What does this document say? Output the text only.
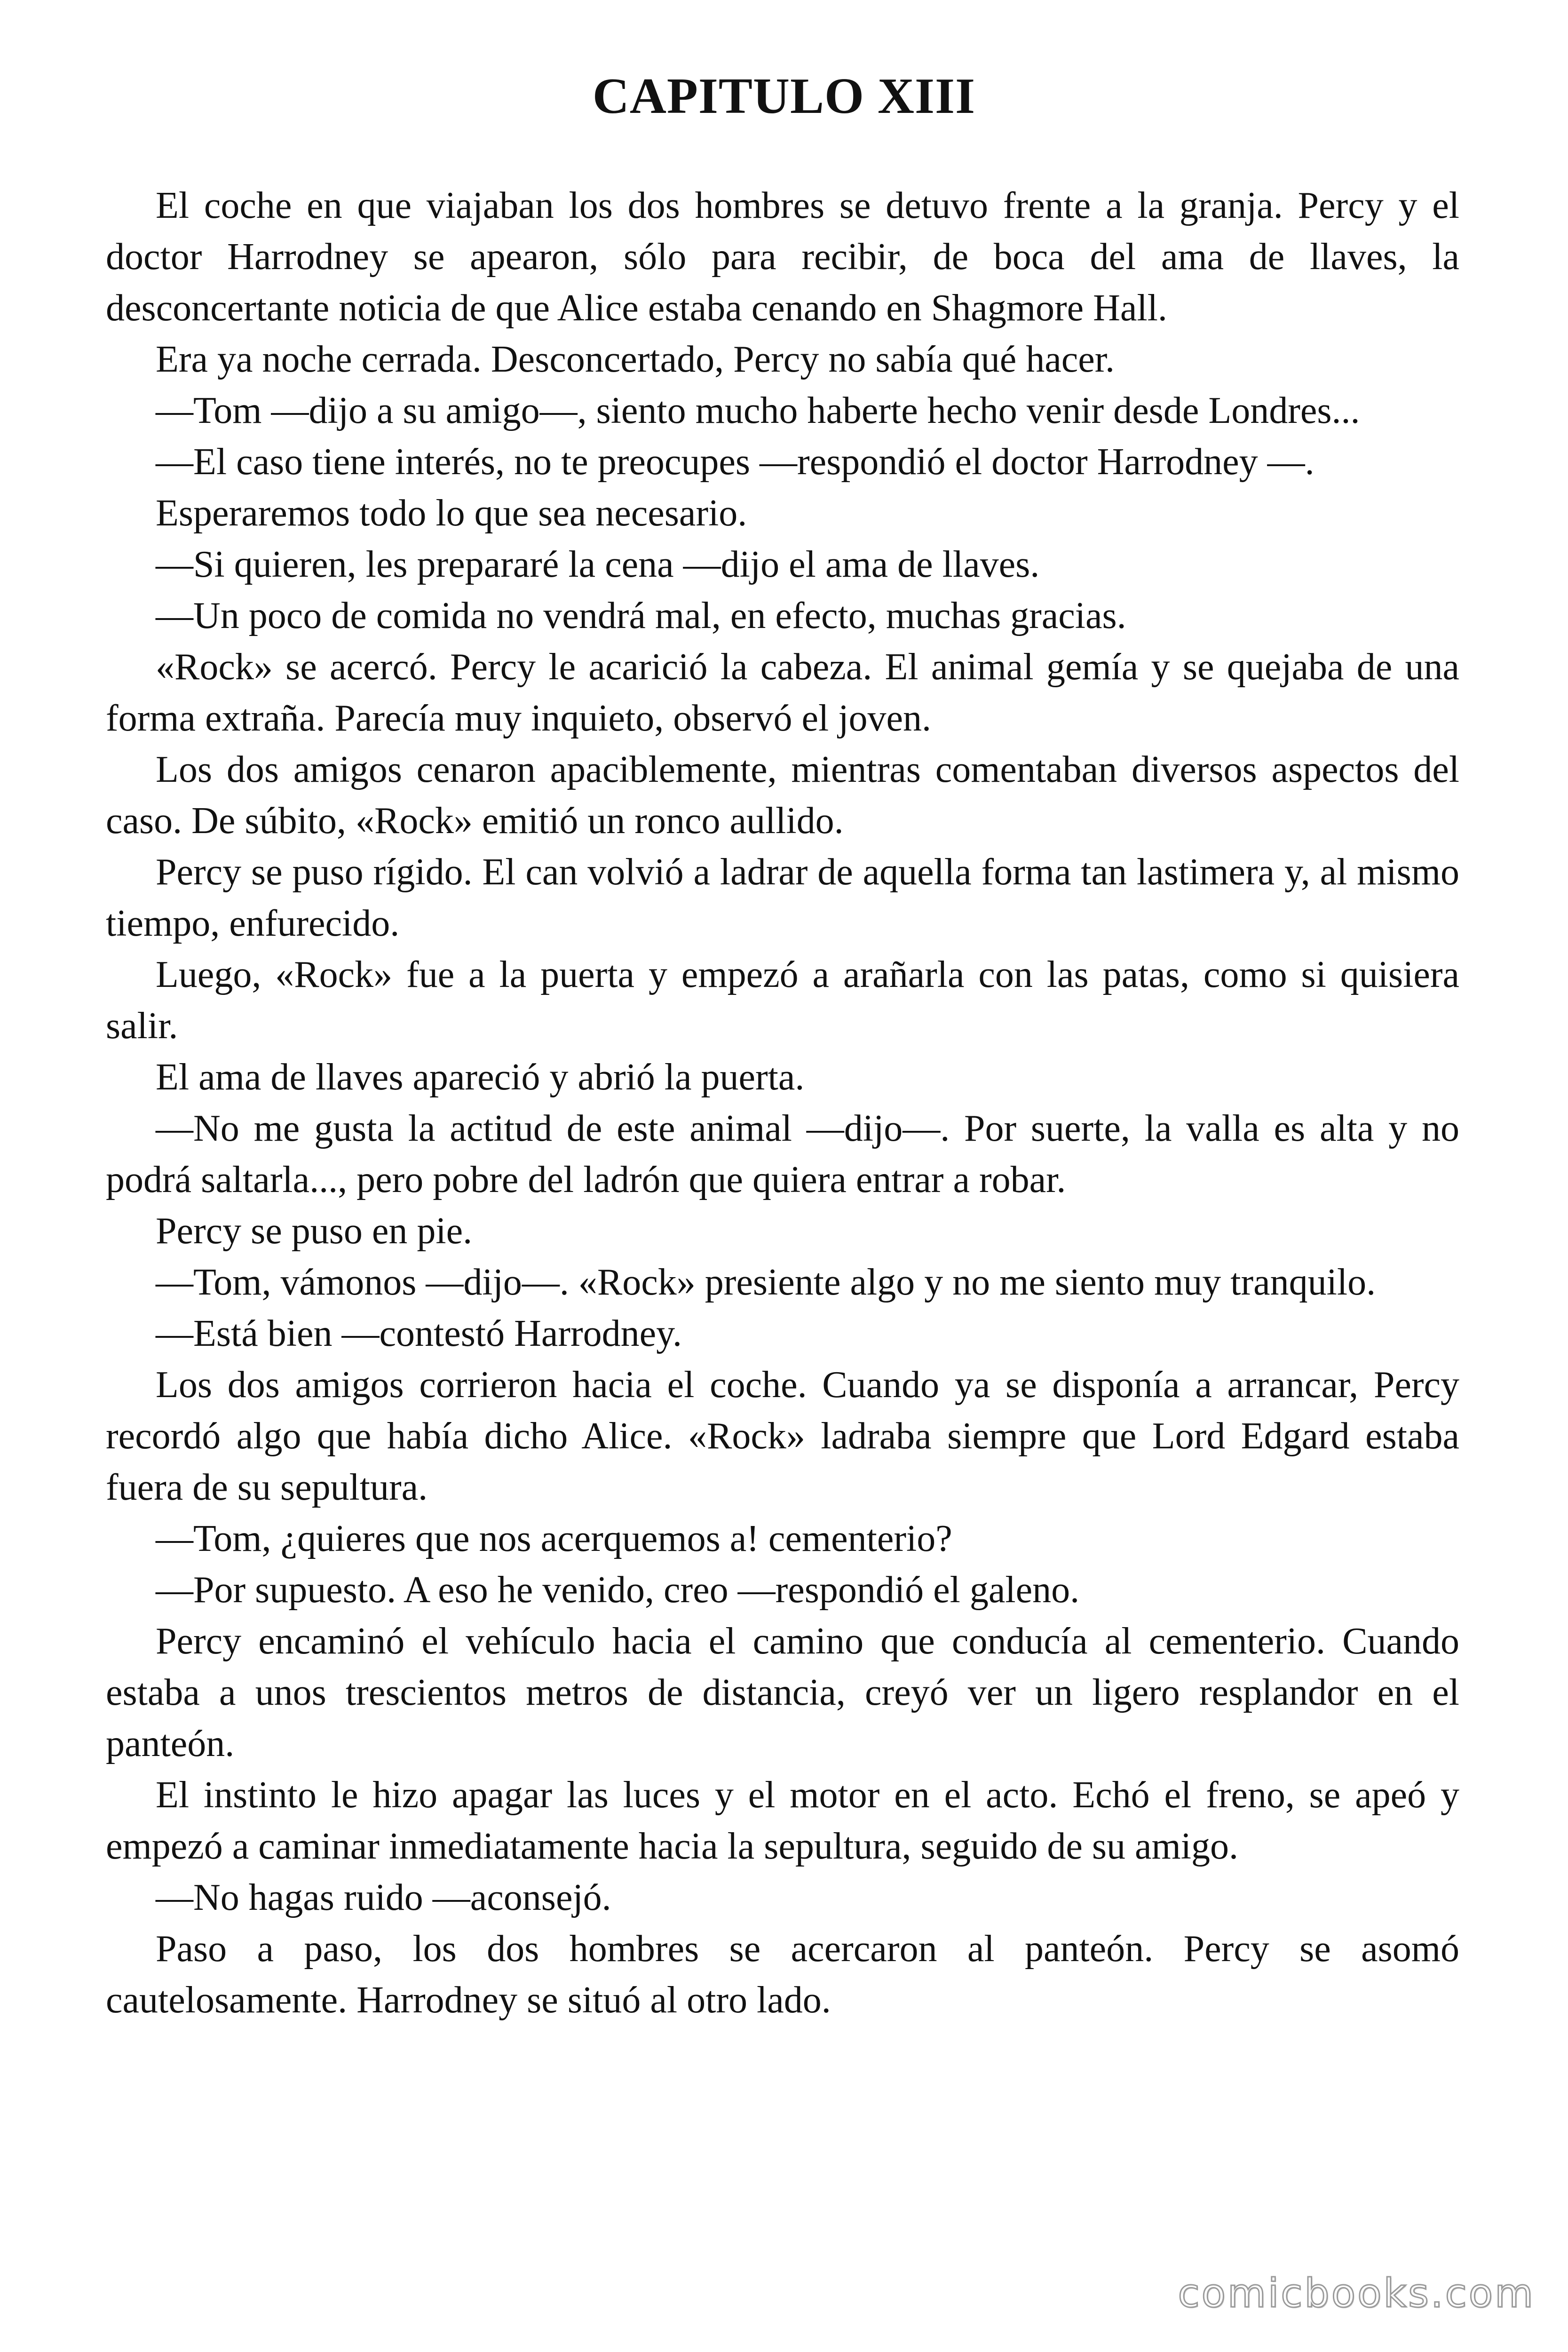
CAPITULO XIII

El coche en que viajaban los dos hombres se detuvo frente a la granja. Percy y el doctor Harrodney se apearon, sólo para recibir, de boca del ama de llaves, la desconcertante noticia de que Alice estaba cenando en Shagmore Hall.

Era ya noche cerrada. Desconcertado, Percy no sabía qué hacer.

—Tom —dijo a su amigo—, siento mucho haberte hecho venir desde Londres...

—El caso tiene interés, no te preocupes —respondió el doctor Harrodney —.

Esperaremos todo lo que sea necesario.

—Si quieren, les prepararé la cena —dijo el ama de llaves.

—Un poco de comida no vendrá mal, en efecto, muchas gracias.

«Rock» se acercó. Percy le acarició la cabeza. El animal gemía y se quejaba de una forma extraña. Parecía muy inquieto, observó el joven.

Los dos amigos cenaron apaciblemente, mientras comentaban diversos aspectos del caso. De súbito, «Rock» emitió un ronco aullido.

Percy se puso rígido. El can volvió a ladrar de aquella forma tan lastimera y, al mismo tiempo, enfurecido.

Luego, «Rock» fue a la puerta y empezó a arañarla con las patas, como si quisiera salir.

El ama de llaves apareció y abrió la puerta.

—No me gusta la actitud de este animal —dijo—. Por suerte, la valla es alta y no podrá saltarla..., pero pobre del ladrón que quiera entrar a robar.

Percy se puso en pie.

—Tom, vámonos —dijo—. «Rock» presiente algo y no me siento muy tranquilo.

—Está bien —contestó Harrodney.

Los dos amigos corrieron hacia el coche. Cuando ya se disponía a arrancar, Percy recordó algo que había dicho Alice. «Rock» ladraba siempre que Lord Edgard estaba fuera de su sepultura.

—Tom, ¿quieres que nos acerquemos a! cementerio?

—Por supuesto. A eso he venido, creo —respondió el galeno.

Percy encaminó el vehículo hacia el camino que conducía al cementerio. Cuando estaba a unos trescientos metros de distancia, creyó ver un ligero resplandor en el panteón.

El instinto le hizo apagar las luces y el motor en el acto. Echó el freno, se apeó y empezó a caminar inmediatamente hacia la sepultura, seguido de su amigo.

—No hagas ruido —aconsejó.

Paso a paso, los dos hombres se acercaron al panteón. Percy se asomó cautelosamente. Harrodney se situó al otro lado.

comicbooks.com
